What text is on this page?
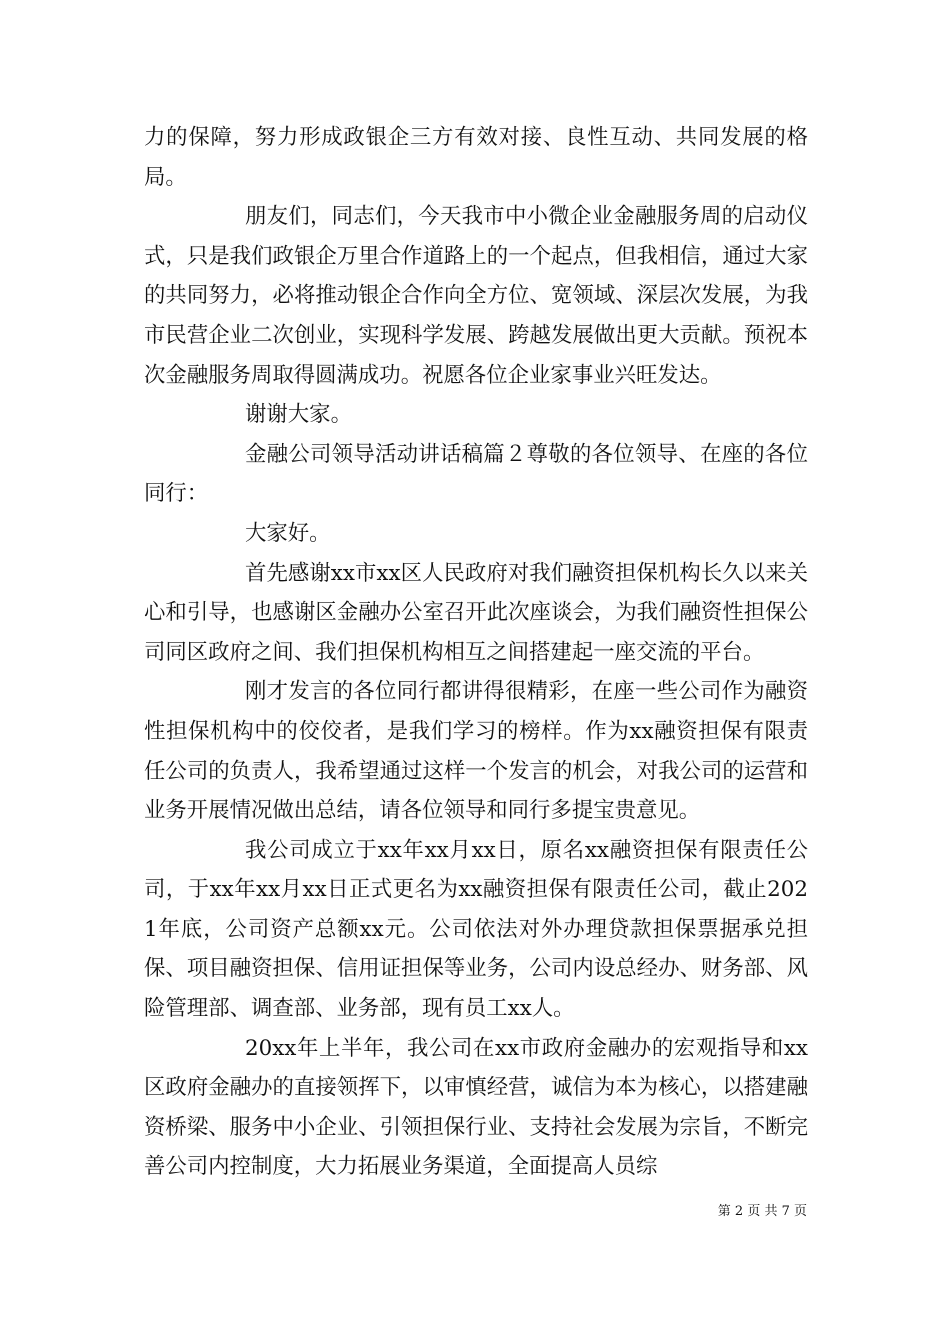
力的保障，努力形成政银企三方有效对接、良性互动、共同发展的格局。

朋友们，同志们，今天我市中小微企业金融服务周的启动仪式，只是我们政银企万里合作道路上的一个起点，但我相信，通过大家的共同努力，必将推动银企合作向全方位、宽领域、深层次发展，为我市民营企业二次创业，实现科学发展、跨越发展做出更大贡献。预祝本次金融服务周取得圆满成功。祝愿各位企业家事业兴旺发达。

谢谢大家。

金融公司领导活动讲话稿篇２尊敬的各位领导、在座的各位同行：

大家好。

首先感谢xx市xx区人民政府对我们融资担保机构长久以来关心和引导，也感谢区金融办公室召开此次座谈会，为我们融资性担保公司同区政府之间、我们担保机构相互之间搭建起一座交流的平台。

刚才发言的各位同行都讲得很精彩，在座一些公司作为融资性担保机构中的佼佼者，是我们学习的榜样。作为xx融资担保有限责任公司的负责人，我希望通过这样一个发言的机会，对我公司的运营和业务开展情况做出总结，请各位领导和同行多提宝贵意见。

我公司成立于xx年xx月xx日，原名xx融资担保有限责任公司，于xx年xx月xx日正式更名为xx融资担保有限责任公司，截止2021年底，公司资产总额xx元。公司依法对外办理贷款担保票据承兑担保、项目融资担保、信用证担保等业务，公司内设总经办、财务部、风险管理部、调查部、业务部，现有员工xx人。

20xx年上半年，我公司在xx市政府金融办的宏观指导和xx区政府金融办的直接领挥下，以审慎经营，诚信为本为核心，以搭建融资桥梁、服务中小企业、引领担保行业、支持社会发展为宗旨，不断完善公司内控制度，大力拓展业务渠道，全面提高人员综

第 2 页 共 7 页
